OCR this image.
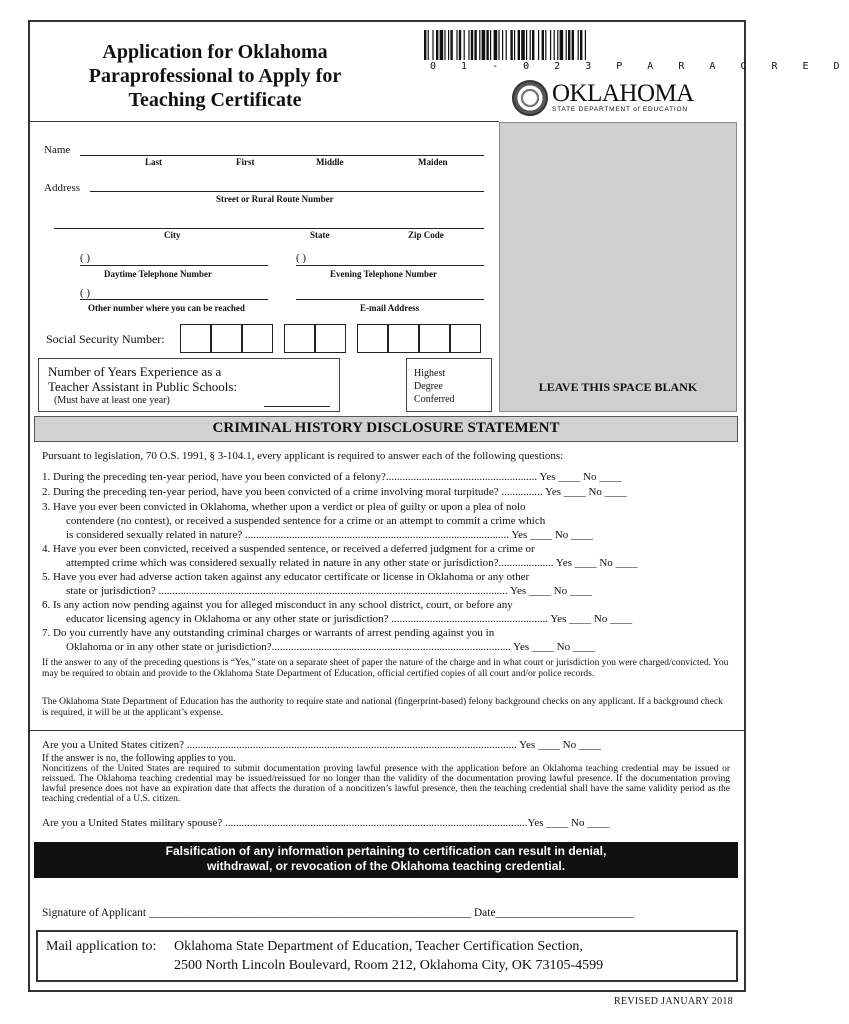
Application for Oklahoma
Paraprofessional to Apply for
Teaching Certificate
0 1 - 0 2 3 P A R A C R E D
OKLAHOMA
STATE DEPARTMENT of EDUCATION
LEAVE THIS SPACE BLANK
Name
Last	First	Middle	Maiden
Address
Street or Rural Route Number
City	State	Zip Code
( )
Daytime Telephone Number
( )
Evening Telephone Number
( )
Other number where you can be reached	E-mail Address
Social Security Number:
Number of Years Experience as a
Teacher Assistant in Public Schools:
(Must have at least one year)
Highest
Degree
Conferred
CRIMINAL HISTORY DISCLOSURE STATEMENT
Pursuant to legislation, 70 O.S. 1991, § 3-104.1, every applicant is required to answer each of the following questions:
1. During the preceding ten-year period, have you been convicted of a felony?....................................................... Yes ____ No ____
2. During the preceding ten-year period, have you been convicted of a crime involving moral turpitude? ............... Yes ____ No ____
3. Have you ever been convicted in Oklahoma, whether upon a verdict or plea of guilty or upon a plea of nolo
contendere (no contest), or received a suspended sentence for a crime or an attempt to commit a crime which
is considered sexually related in nature? ................................................................................................ Yes ____ No ____
4. Have you ever been convicted, received a suspended sentence, or received a deferred judgment for a crime or
attempted crime which was considered sexually related in nature in any other state or jurisdiction?.................... Yes ____ No ____
5. Have you ever had adverse action taken against any educator certificate or license in Oklahoma or any other
state or jurisdiction? ............................................................................................................................... Yes ____ No ____
6. Is any action now pending against you for alleged misconduct in any school district, court, or before any
educator licensing agency in Oklahoma or any other state or jurisdiction? ......................................................... Yes ____ No ____
7. Do you currently have any outstanding criminal charges or warrants of arrest pending against you in
Oklahoma or in any other state or jurisdiction?....................................................................................... Yes ____ No ____
If the answer to any of the preceding questions is “Yes,” state on a separate sheet of paper the nature of the charge and in what court or jurisdiction you were charged/convicted. You may be required to obtain and provide to the Oklahoma State Department of Education, official certified copies of all court and/or police records.
The Oklahoma State Department of Education has the authority to require state and national (fingerprint-based) felony background checks on any applicant. If a background check is required, it will be at the applicant’s expense.
Are you a United States citizen? ........................................................................................................................ Yes ____ No ____
If the answer is no, the following applies to you.
Noncitizens of the United States are required to submit documentation proving lawful presence with the application before an Oklahoma teaching credential may be issued or reissued. The Oklahoma teaching credential may be issued/reissued for no longer than the validity of the documentation proving lawful presence. If the documentation proving lawful presence does not have an expiration date that affects the duration of a noncitizen’s lawful presence, then the teaching credential shall have the same validity period as the teaching credential of a U.S. citizen.
Are you a United States military spouse? ..............................................................................................................Yes ____ No ____
Falsification of any information pertaining to certification can result in denial,
withdrawal, or revocation of the Oklahoma teaching credential.
Signature of Applicant ________________________________________________________ Date________________________
Mail application to: Oklahoma State Department of Education, Teacher Certification Section,
2500 North Lincoln Boulevard, Room 212, Oklahoma City, OK 73105-4599
REVISED JANUARY 2018
